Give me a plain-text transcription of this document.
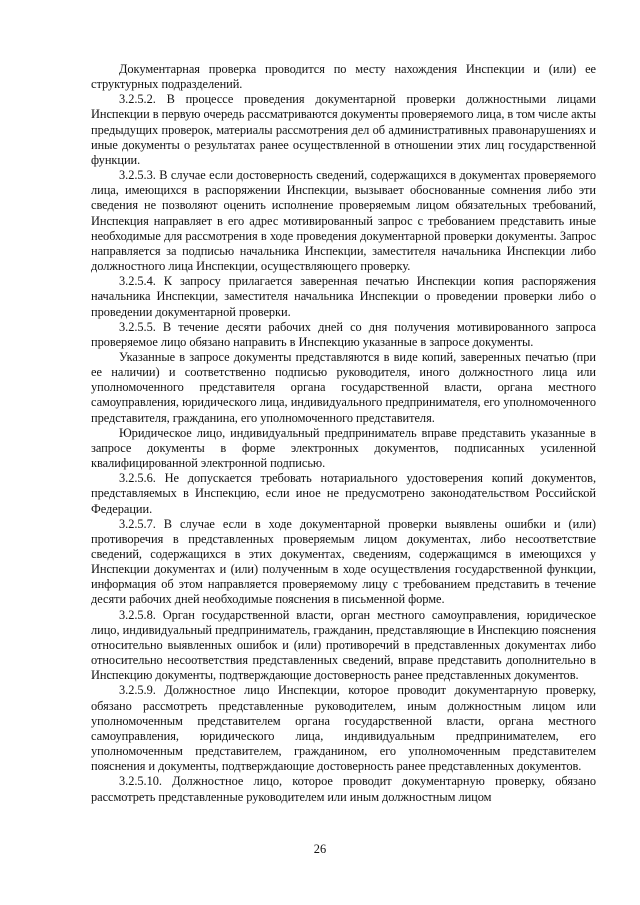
Документарная проверка проводится по месту нахождения Инспекции и (или) ее структурных подразделений.

3.2.5.2. В процессе проведения документарной проверки должностными лицами Инспекции в первую очередь рассматриваются документы проверяемого лица, в том числе акты предыдущих проверок, материалы рассмотрения дел об административных правонарушениях и иные документы о результатах ранее осуществленной в отношении этих лиц государственной функции.

3.2.5.3. В случае если достоверность сведений, содержащихся в документах проверяемого лица, имеющихся в распоряжении Инспекции, вызывает обоснованные сомнения либо эти сведения не позволяют оценить исполнение проверяемым лицом обязательных требований, Инспекция направляет в его адрес мотивированный запрос с требованием представить иные необходимые для рассмотрения в ходе проведения документарной проверки документы. Запрос направляется за подписью начальника Инспекции, заместителя начальника Инспекции либо должностного лица Инспекции, осуществляющего проверку.

3.2.5.4. К запросу прилагается заверенная печатью Инспекции копия распоряжения начальника Инспекции, заместителя начальника Инспекции о проведении проверки либо о проведении документарной проверки.

3.2.5.5. В течение десяти рабочих дней со дня получения мотивированного запроса проверяемое лицо обязано направить в Инспекцию указанные в запросе документы.

Указанные в запросе документы представляются в виде копий, заверенных печатью (при ее наличии) и соответственно подписью руководителя, иного должностного лица или уполномоченного представителя органа государственной власти, органа местного самоуправления, юридического лица, индивидуального предпринимателя, его уполномоченного представителя, гражданина, его уполномоченного представителя.

Юридическое лицо, индивидуальный предприниматель вправе представить указанные в запросе документы в форме электронных документов, подписанных усиленной квалифицированной электронной подписью.

3.2.5.6. Не допускается требовать нотариального удостоверения копий документов, представляемых в Инспекцию, если иное не предусмотрено законодательством Российской Федерации.

3.2.5.7. В случае если в ходе документарной проверки выявлены ошибки и (или) противоречия в представленных проверяемым лицом документах, либо несоответствие сведений, содержащихся в этих документах, сведениям, содержащимся в имеющихся у Инспекции документах и (или) полученным в ходе осуществления государственной функции, информация об этом направляется проверяемому лицу с требованием представить в течение десяти рабочих дней необходимые пояснения в письменной форме.

3.2.5.8. Орган государственной власти, орган местного самоуправления, юридическое лицо, индивидуальный предприниматель, гражданин, представляющие в Инспекцию пояснения относительно выявленных ошибок и (или) противоречий в представленных документах либо относительно несоответствия представленных сведений, вправе представить дополнительно в Инспекцию документы, подтверждающие достоверность ранее представленных документов.

3.2.5.9. Должностное лицо Инспекции, которое проводит документарную проверку, обязано рассмотреть представленные руководителем, иным должностным лицом или уполномоченным представителем органа государственной власти, органа местного самоуправления, юридического лица, индивидуальным предпринимателем, его уполномоченным представителем, гражданином, его уполномоченным представителем пояснения и документы, подтверждающие достоверность ранее представленных документов.

3.2.5.10. Должностное лицо, которое проводит документарную проверку, обязано рассмотреть представленные руководителем или иным должностным лицом

26
